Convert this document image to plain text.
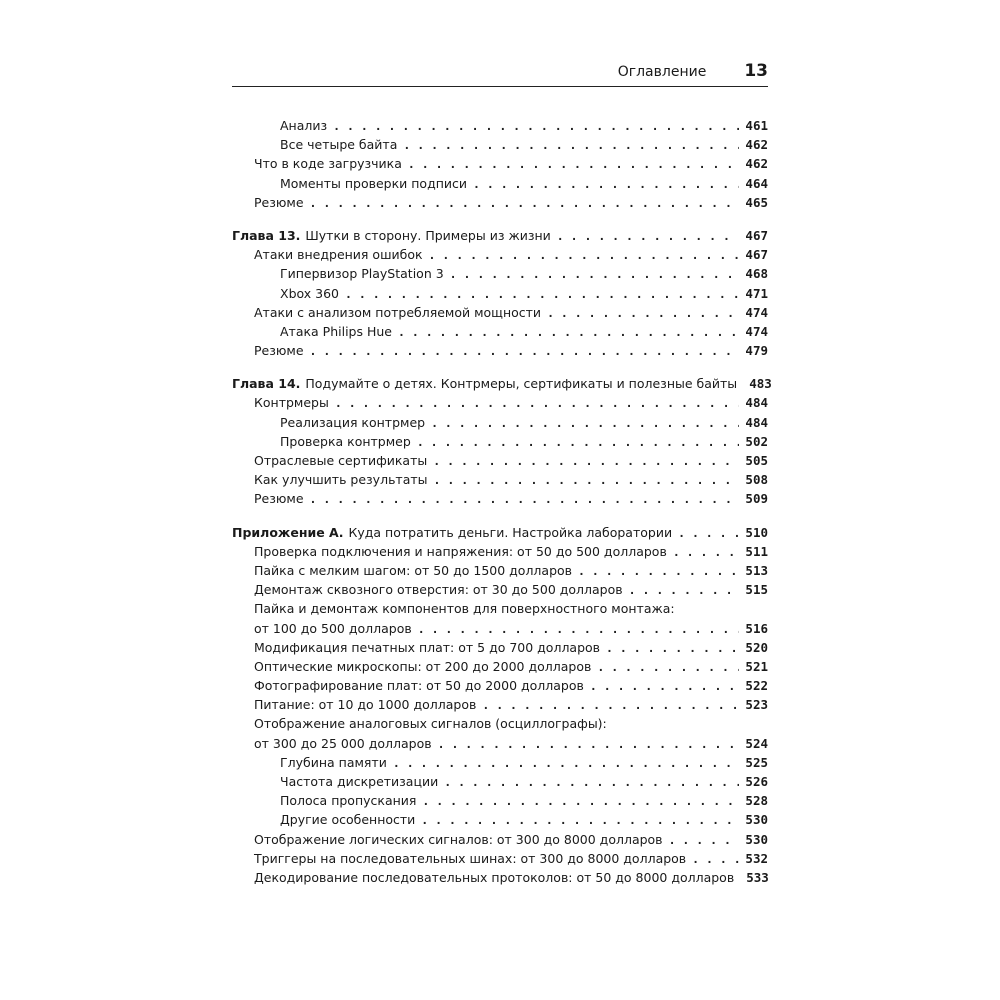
Оглавление 13
Анализ . . .	461
Все четыре байта . . .	462
Что в коде загрузчика . . .	462
Моменты проверки подписи . . .	464
Резюме . . .	465
Глава 13. Шутки в сторону. Примеры из жизни . . .	467
Атаки внедрения ошибок . . .	467
Гипервизор PlayStation 3 . . .	468
Xbox 360 . . .	471
Атаки с анализом потребляемой мощности . . .	474
Атака Philips Hue . . .	474
Резюме . . .	479
Глава 14. Подумайте о детях. Контрмеры, сертификаты и полезные байты 483
Контрмеры . . .	484
Реализация контрмер . . .	484
Проверка контрмер . . .	502
Отраслевые сертификаты . . .	505
Как улучшить результаты . . .	508
Резюме . . .	509
Приложение А. Куда потратить деньги. Настройка лаборатории . . .	510
Проверка подключения и напряжения: от 50 до 500 долларов . . .	511
Пайка с мелким шагом: от 50 до 1500 долларов . . .	513
Демонтаж сквозного отверстия: от 30 до 500 долларов . . .	515
Пайка и демонтаж компонентов для поверхностного монтажа:
от 100 до 500 долларов . . .	516
Модификация печатных плат: от 5 до 700 долларов . . .	520
Оптические микроскопы: от 200 до 2000 долларов . . .	521
Фотографирование плат: от 50 до 2000 долларов . . .	522
Питание: от 10 до 1000 долларов . . .	523
Отображение аналоговых сигналов (осциллографы):
от 300 до 25 000 долларов . . .	524
Глубина памяти . . .	525
Частота дискретизации . . .	526
Полоса пропускания . . .	528
Другие особенности . . .	530
Отображение логических сигналов: от 300 до 8000 долларов . . .	530
Триггеры на последовательных шинах: от 300 до 8000 долларов . . .	532
Декодирование последовательных протоколов: от 50 до 8000 долларов 533
